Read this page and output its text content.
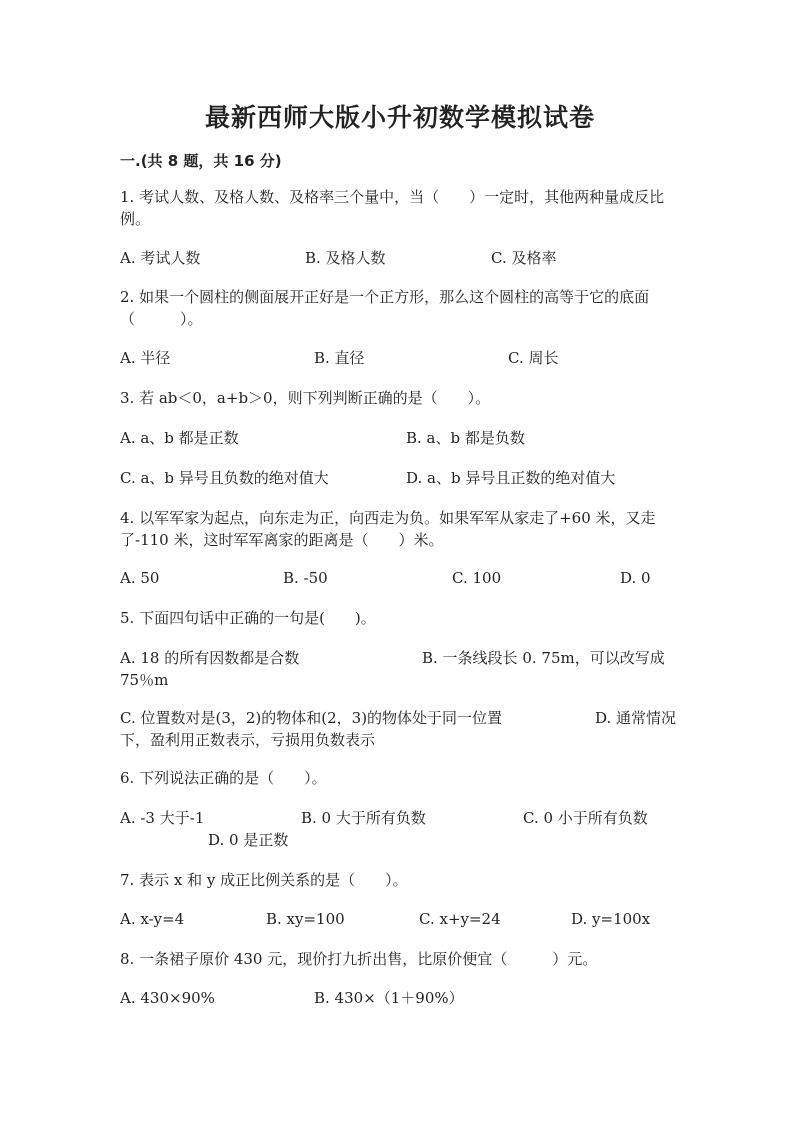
最新西师大版小升初数学模拟试卷
一.(共 8 题，共 16 分)
1. 考试人数、及格人数、及格率三个量中，当（　　）一定时，其他两种量成反比例。
A. 考试人数	B. 及格人数	C. 及格率
2. 如果一个圆柱的侧面展开正好是一个正方形，那么这个圆柱的高等于它的底面（　　　）。
A. 半径	B. 直径	C. 周长
3. 若 ab＜0，a+b＞0，则下列判断正确的是（　　）。
A. a、b 都是正数	B. a、b 都是负数
C. a、b 异号且负数的绝对值大	D. a、b 异号且正数的绝对值大
4. 以军军家为起点，向东走为正，向西走为负。如果军军从家走了+60 米，又走了-110 米，这时军军离家的距离是（　　）米。
A. 50	B. -50	C. 100	D. 0
5. 下面四句话中正确的一句是(　　)。
A. 18 的所有因数都是合数	B. 一条线段长 0. 75m，可以改写成 75％m
C. 位置数对是(3，2)的物体和(2，3)的物体处于同一位置	D. 通常情况下，盈利用正数表示，亏损用负数表示
6. 下列说法正确的是（　　）。
A. -3 大于-1	B. 0 大于所有负数	C. 0 小于所有负数
D. 0 是正数
7. 表示 x 和 y 成正比例关系的是（　　）。
A. x-y=4	B. xy=100	C. x+y=24	D. y=100x
8. 一条裙子原价 430 元，现价打九折出售，比原价便宜（　　　）元。
A. 430×90%	B. 430×（1＋90%）
